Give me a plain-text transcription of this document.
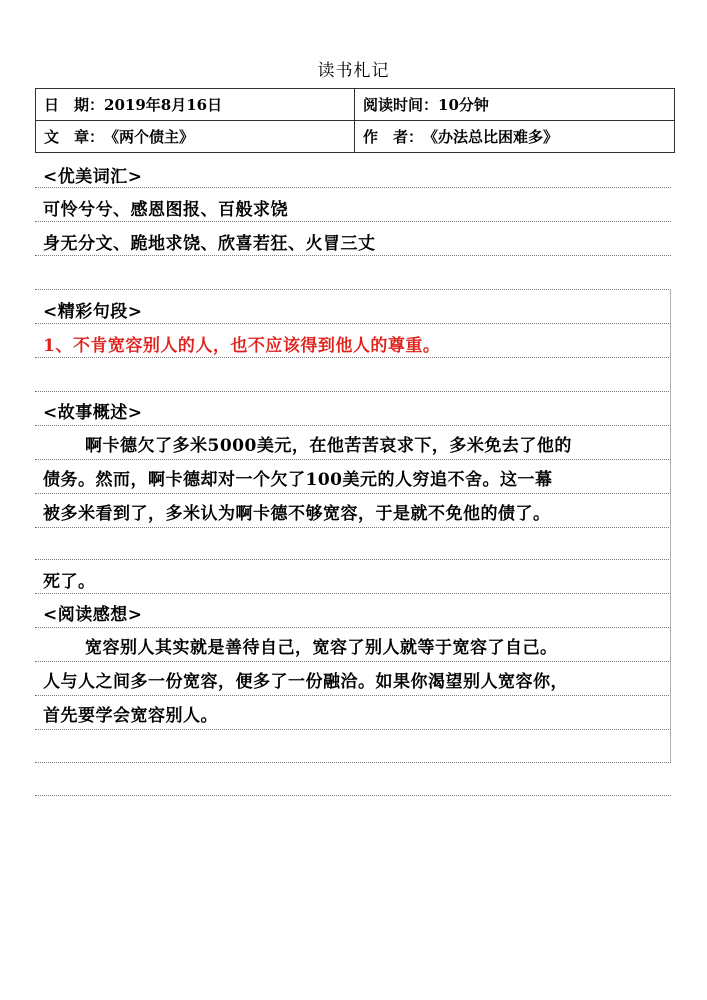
读书札记
日　期：2019年8月16日	阅读时间：10分钟
文　章：《两个债主》	作　者：《办法总比困难多》
<优美词汇>
可怜兮兮、感恩图报、百般求饶
身无分文、跪地求饶、欣喜若狂、火冒三丈
<精彩句段>
1、不肯宽容别人的人，也不应该得到他人的尊重。
<故事概述>
啊卡德欠了多米5000美元，在他苦苦哀求下，多米免去了他的
债务。然而，啊卡德却对一个欠了100美元的人穷追不舍。这一幕
被多米看到了，多米认为啊卡德不够宽容，于是就不免他的债了。
死了。
<阅读感想>
宽容别人其实就是善待自己，宽容了别人就等于宽容了自己。
人与人之间多一份宽容，便多了一份融洽。如果你渴望别人宽容你，
首先要学会宽容别人。
